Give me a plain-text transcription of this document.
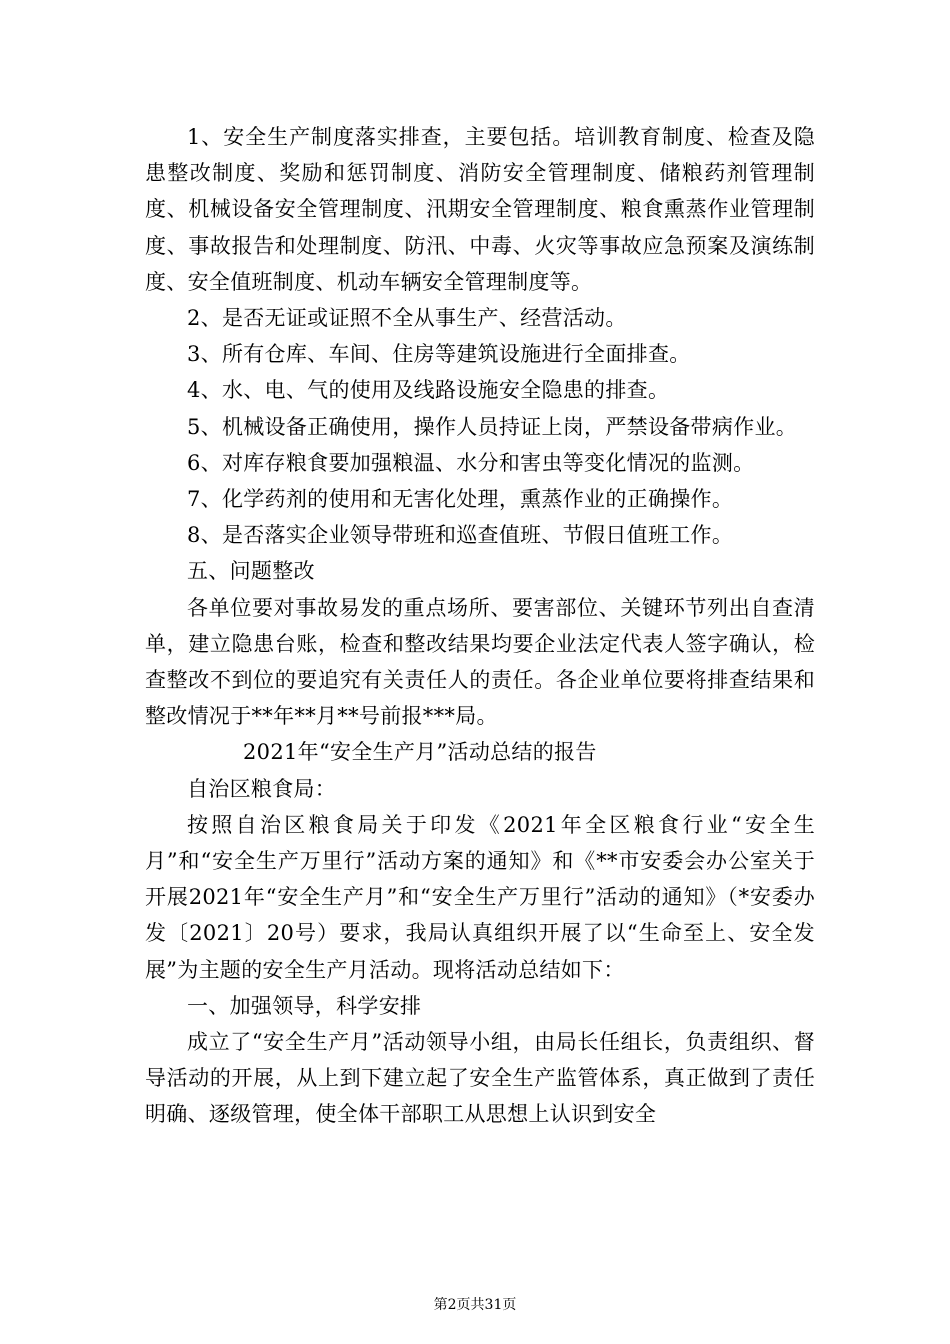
1、安全生产制度落实排查，主要包括。培训教育制度、检查及隐患整改制度、奖励和惩罚制度、消防安全管理制度、储粮药剂管理制度、机械设备安全管理制度、汛期安全管理制度、粮食熏蒸作业管理制度、事故报告和处理制度、防汛、中毒、火灾等事故应急预案及演练制度、安全值班制度、机动车辆安全管理制度等。

2、是否无证或证照不全从事生产、经营活动。

3、所有仓库、车间、住房等建筑设施进行全面排查。

4、水、电、气的使用及线路设施安全隐患的排查。

5、机械设备正确使用，操作人员持证上岗，严禁设备带病作业。

6、对库存粮食要加强粮温、水分和害虫等变化情况的监测。

7、化学药剂的使用和无害化处理，熏蒸作业的正确操作。

8、是否落实企业领导带班和巡查值班、节假日值班工作。

五、问题整改

各单位要对事故易发的重点场所、要害部位、关键环节列出自查清单，建立隐患台账，检查和整改结果均要企业法定代表人签字确认，检查整改不到位的要追究有关责任人的责任。各企业单位要将排查结果和整改情况于**年**月**号前报***局。

2021年“安全生产月”活动总结的报告

自治区粮食局：

按照自治区粮食局关于印发《2021年全区粮食行业“安全生月”和“安全生产万里行”活动方案的通知》和《**市安委会办公室关于开展2021年“安全生产月”和“安全生产万里行”活动的通知》（*安委办发〔2021〕20号）要求，我局认真组织开展了以“生命至上、安全发展”为主题的安全生产月活动。现将活动总结如下：

一、加强领导，科学安排

成立了“安全生产月”活动领导小组，由局长任组长，负责组织、督导活动的开展，从上到下建立起了安全生产监管体系，真正做到了责任明确、逐级管理，使全体干部职工从思想上认识到安全

第2页共31页
